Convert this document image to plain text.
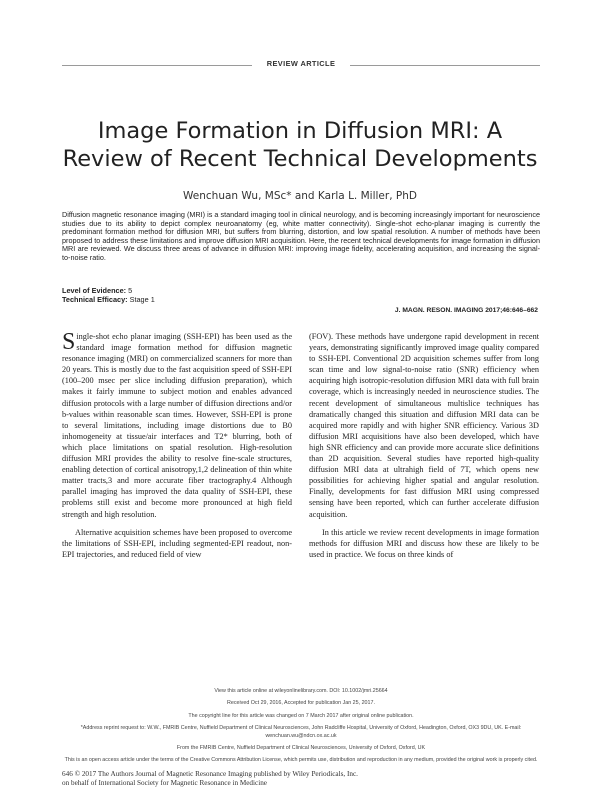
REVIEW ARTICLE
Image Formation in Diffusion MRI: A
Review of Recent Technical Developments
Wenchuan Wu, MSc* and Karla L. Miller, PhD

Diffusion magnetic resonance imaging (MRI) is a standard imaging tool in clinical neurology, and is becoming increasingly important for neuroscience studies due to its ability to depict complex neuroanatomy (eg, white matter connectivity). Single-shot echo-planar imaging is currently the predominant formation method for diffusion MRI, but suffers from blurring, distortion, and low spatial resolution. A number of methods have been proposed to address these limitations and improve diffusion MRI acquisition. Here, the recent technical developments for image formation in diffusion MRI are reviewed. We discuss three areas of advance in diffusion MRI: improving image fidelity, accelerating acquisition, and increasing the signal-to-noise ratio.

Level of Evidence: 5
Technical Efficacy: Stage 1
J. MAGN. RESON. IMAGING 2017;46:646–662

Single-shot echo planar imaging (SSH-EPI) has been used as the standard image formation method for diffusion magnetic resonance imaging (MRI) on commercialized scanners for more than 20 years. This is mostly due to the fast acquisition speed of SSH-EPI (100–200 msec per slice including diffusion preparation), which makes it fairly immune to subject motion and enables advanced diffusion protocols with a large number of diffusion directions and/or b-values within reasonable scan times. However, SSH-EPI is prone to several limitations, including image distortions due to B0 inhomogeneity at tissue/air interfaces and T2* blurring, both of which place limitations on spatial resolution. High-resolution diffusion MRI provides the ability to resolve fine-scale structures, enabling detection of cortical anisotropy,1,2 delineation of thin white matter tracts,3 and more accurate fiber tractography.4 Although parallel imaging has improved the data quality of SSH-EPI, these problems still exist and become more pronounced at high field strength and high resolution.

Alternative acquisition schemes have been proposed to overcome the limitations of SSH-EPI, including segmented-EPI readout, non-EPI trajectories, and reduced field of view

(FOV). These methods have undergone rapid development in recent years, demonstrating significantly improved image quality compared to SSH-EPI. Conventional 2D acquisition schemes suffer from long scan time and low signal-to-noise ratio (SNR) efficiency when acquiring high isotropic-resolution diffusion MRI data with full brain coverage, which is increasingly needed in neuroscience studies. The recent development of simultaneous multislice techniques has dramatically changed this situation and diffusion MRI data can be acquired more rapidly and with higher SNR efficiency. Various 3D diffusion MRI acquisitions have also been developed, which have high SNR efficiency and can provide more accurate slice definitions than 2D acquisition. Several studies have reported high-quality diffusion MRI data at ultrahigh field of 7T, which opens new possibilities for achieving higher spatial and angular resolution. Finally, developments for fast diffusion MRI using compressed sensing have been reported, which can further accelerate diffusion acquisition.

In this article we review recent developments in image formation methods for diffusion MRI and discuss how these are likely to be used in practice. We focus on three kinds of

View this article online at wileyonlinelibrary.com. DOI: 10.1002/jmri.25664

Received Oct 29, 2016, Accepted for publication Jan 25, 2017.

The copyright line for this article was changed on 7 March 2017 after original online publication.

*Address reprint request to: W.W., FMRIB Centre, Nuffield Department of Clinical Neurosciences, John Radcliffe Hospital, University of Oxford, Headington, Oxford, OX3 9DU, UK. E-mail: wenchuan.wu@ndcn.ox.ac.uk

From the FMRIB Centre, Nuffield Department of Clinical Neurosciences, University of Oxford, Oxford, UK

This is an open access article under the terms of the Creative Commons Attribution License, which permits use, distribution and reproduction in any medium, provided the original work is properly cited.

646 © 2017 The Authors Journal of Magnetic Resonance Imaging published by Wiley Periodicals, Inc.

on behalf of International Society for Magnetic Resonance in Medicine
